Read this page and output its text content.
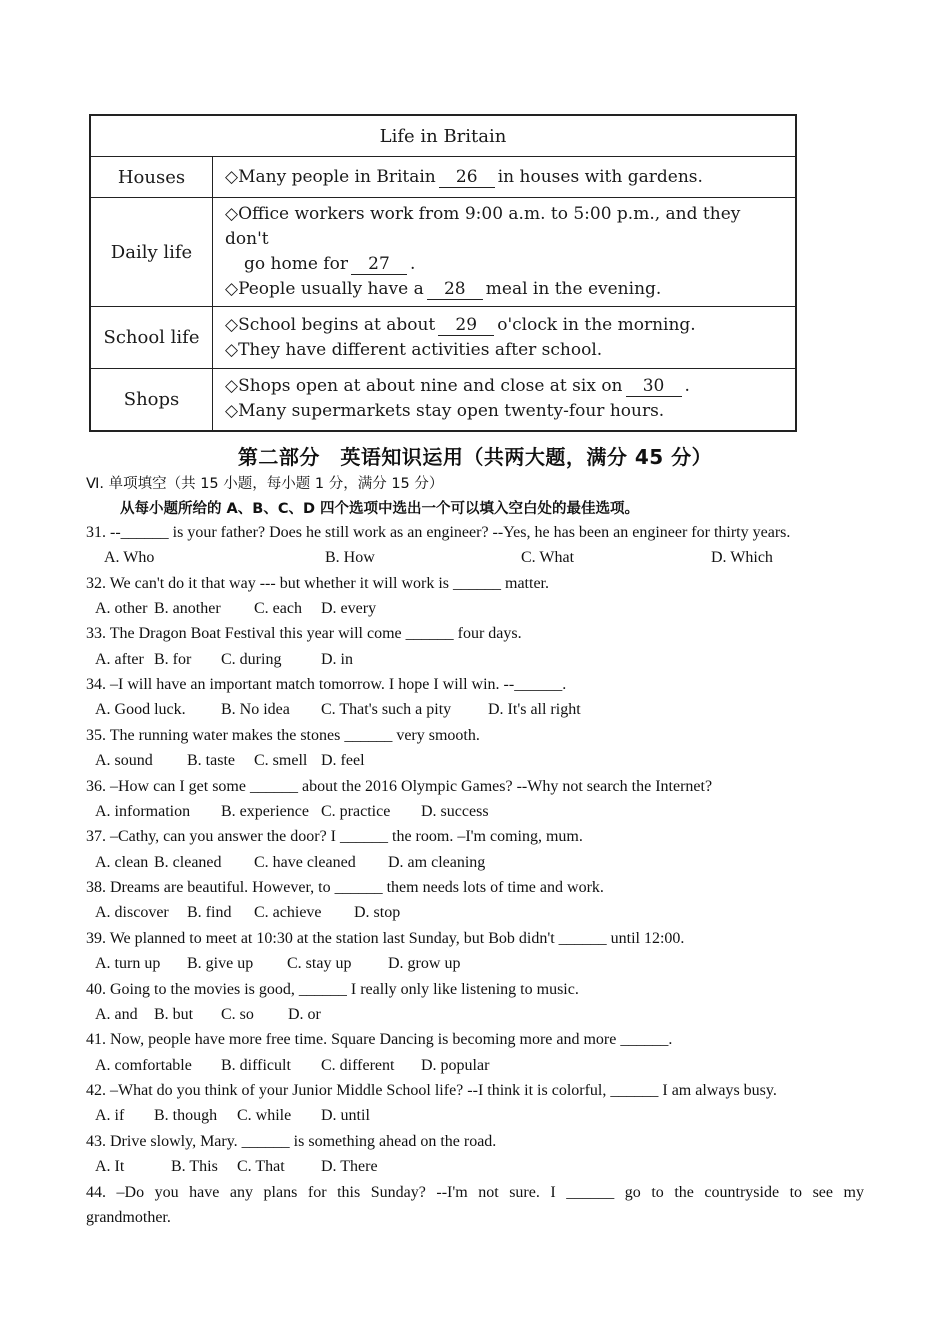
Life in Britain	
Houses	◇Many people in Britain 26 in houses with gardens.

Daily life	◇Office workers work from 9:00 a.m. to 5:00 p.m., and they don't
go home for 27 .
◇People usually have a 28 meal in the evening.

School life	◇School begins at about 29 o'clock in the morning.
◇They have different activities after school.

Shops	◇Shops open at about nine and close at six on 30 .
◇Many supermarkets stay open twenty-four hours.
第二部分　英语知识运用（共两大题，满分 45 分）
Ⅵ. 单项填空（共 15 小题，每小题 1 分，满分 15 分）
从每小题所给的 A、B、C、D 四个选项中选出一个可以填入空白处的最佳选项。
31. --______ is your father? Does he still work as an engineer? --Yes, he has been an engineer for thirty years.
A. Who	B. How	C. What	D. Which
32. We can't do it that way --- but whether it will work is ______ matter.
A. other B. another C. each D. every
33. The Dragon Boat Festival this year will come ______ four days.
A. after B. for C. during D. in
34. –I will have an important match tomorrow. I hope I will win. --______.
A. Good luck. B. No idea C. That's such a pity D. It's all right
35. The running water makes the stones ______ very smooth.
A. sound B. taste C. smell D. feel
36. –How can I get some ______ about the 2016 Olympic Games? --Why not search the Internet?
A. information B. experience C. practice D. success
37. –Cathy, can you answer the door? I ______ the room. –I'm coming, mum.
A. clean B. cleaned C. have cleaned D. am cleaning
38. Dreams are beautiful. However, to ______ them needs lots of time and work.
A. discover B. find C. achieve D. stop
39. We planned to meet at 10:30 at the station last Sunday, but Bob didn't ______ until 12:00.
A. turn up B. give up C. stay up D. grow up
40. Going to the movies is good, ______ I really only like listening to music.
A. and B. but C. so D. or
41. Now, people have more free time. Square Dancing is becoming more and more ______.
A. comfortable B. difficult C. different D. popular
42. –What do you think of your Junior Middle School life? --I think it is colorful, ______ I am always busy.
A. if B. though C. while D. until
43. Drive slowly, Mary. ______ is something ahead on the road.
A. It	B. This C. That D. There
44. –Do you have any plans for this Sunday? --I'm not sure. I ______ go to the countryside to see my
grandmother.
